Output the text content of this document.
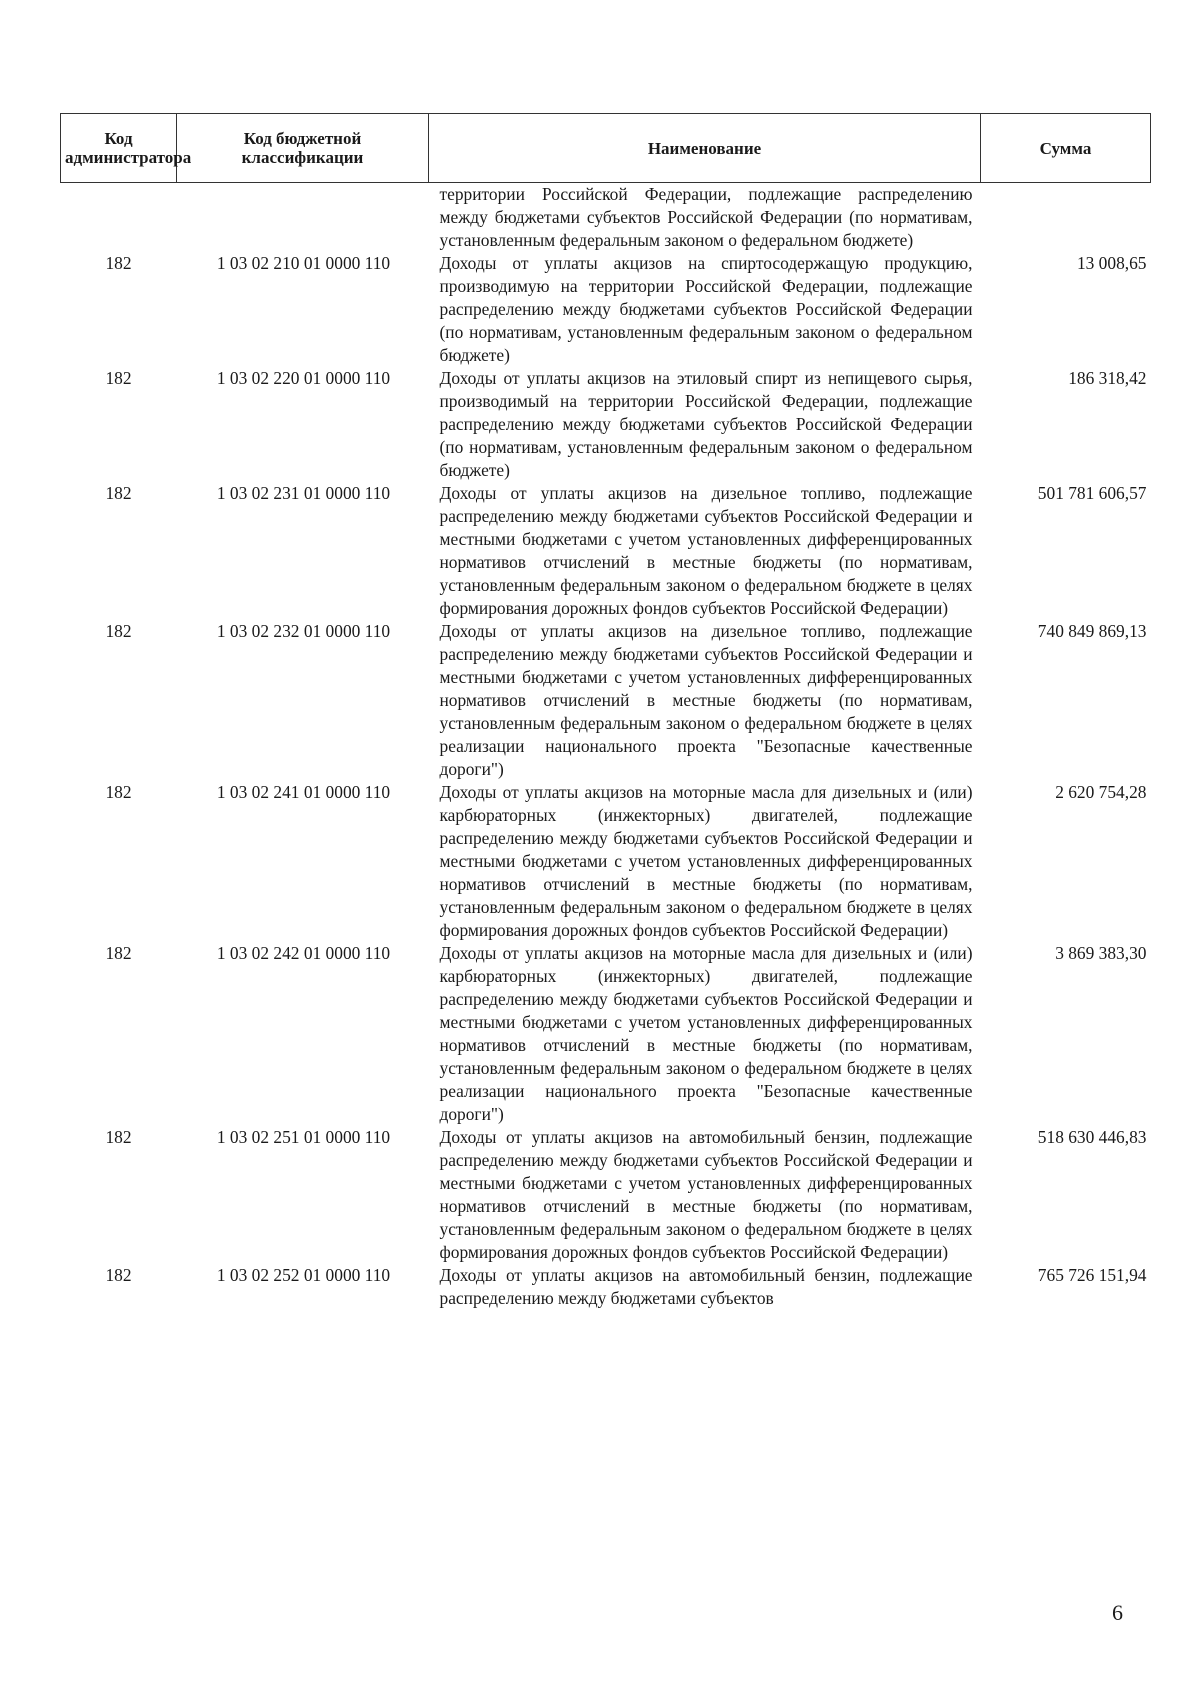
Код администратора	Код бюджетной классификации	Наименование	Сумма
		территории Российской Федерации, подлежащие распределению между бюджетами субъектов Российской Федерации (по нормативам, установленным федеральным законом о федеральном бюджете)	
182	1 03 02 210 01 0000 110	Доходы от уплаты акцизов на спиртосодержащую продукцию, производимую на территории Российской Федерации, подлежащие распределению между бюджетами субъектов Российской Федерации (по нормативам, установленным федеральным законом о федеральном бюджете)	13 008,65
182	1 03 02 220 01 0000 110	Доходы от уплаты акцизов на этиловый спирт из непищевого сырья, производимый на территории Российской Федерации, подлежащие распределению между бюджетами субъектов Российской Федерации (по нормативам, установленным федеральным законом о федеральном бюджете)	186 318,42
182	1 03 02 231 01 0000 110	Доходы от уплаты акцизов на дизельное топливо, подлежащие распределению между бюджетами субъектов Российской Федерации и местными бюджетами с учетом установленных дифференцированных нормативов отчислений в местные бюджеты (по нормативам, установленным федеральным законом о федеральном бюджете в целях формирования дорожных фондов субъектов Российской Федерации)	501 781 606,57
182	1 03 02 232 01 0000 110	Доходы от уплаты акцизов на дизельное топливо, подлежащие распределению между бюджетами субъектов Российской Федерации и местными бюджетами с учетом установленных дифференцированных нормативов отчислений в местные бюджеты (по нормативам, установленным федеральным законом о федеральном бюджете в целях реализации национального проекта "Безопасные качественные дороги")	740 849 869,13
182	1 03 02 241 01 0000 110	Доходы от уплаты акцизов на моторные масла для дизельных и (или) карбюраторных (инжекторных) двигателей, подлежащие распределению между бюджетами субъектов Российской Федерации и местными бюджетами с учетом установленных дифференцированных нормативов отчислений в местные бюджеты (по нормативам, установленным федеральным законом о федеральном бюджете в целях формирования дорожных фондов субъектов Российской Федерации)	2 620 754,28
182	1 03 02 242 01 0000 110	Доходы от уплаты акцизов на моторные масла для дизельных и (или) карбюраторных (инжекторных) двигателей, подлежащие распределению между бюджетами субъектов Российской Федерации и местными бюджетами с учетом установленных дифференцированных нормативов отчислений в местные бюджеты (по нормативам, установленным федеральным законом о федеральном бюджете в целях реализации национального проекта "Безопасные качественные дороги")	3 869 383,30
182	1 03 02 251 01 0000 110	Доходы от уплаты акцизов на автомобильный бензин, подлежащие распределению между бюджетами субъектов Российской Федерации и местными бюджетами с учетом установленных дифференцированных нормативов отчислений в местные бюджеты (по нормативам, установленным федеральным законом о федеральном бюджете в целях формирования дорожных фондов субъектов Российской Федерации)	518 630 446,83
182	1 03 02 252 01 0000 110	Доходы от уплаты акцизов на автомобильный бензин, подлежащие распределению между бюджетами субъектов	765 726 151,94
6
